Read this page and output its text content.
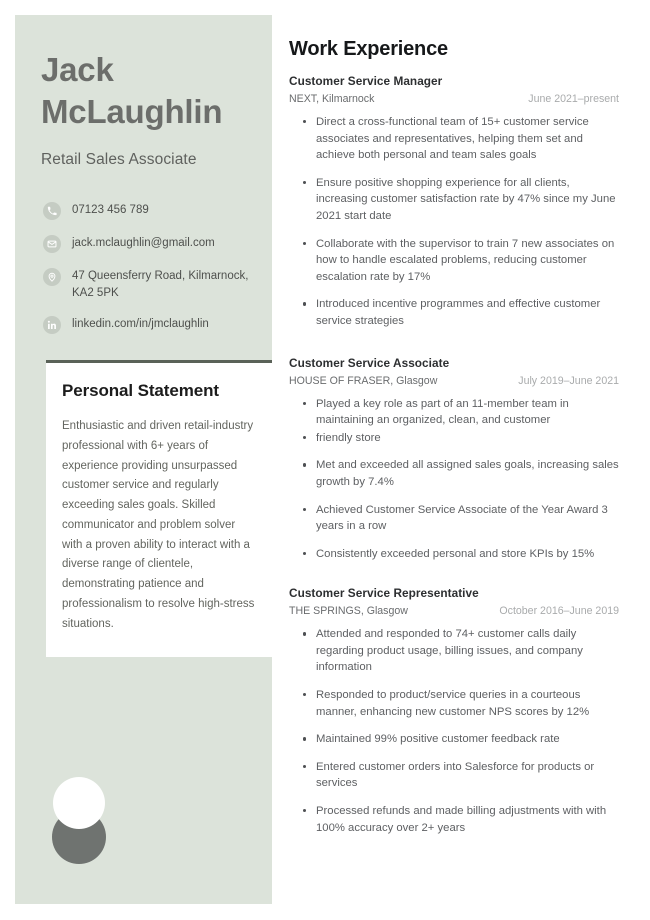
Jack
McLaughlin
Retail Sales Associate
07123 456 789
jack.mclaughlin@gmail.com
47 Queensferry Road, Kilmarnock, KA2 5PK
linkedin.com/in/jmclaughlin
Personal Statement
Enthusiastic and driven retail-industry professional with 6+ years of experience providing unsurpassed customer service and regularly exceeding sales goals. Skilled communicator and problem solver with a proven ability to interact with a diverse range of clientele, demonstrating patience and professionalism to resolve high-stress situations.
Work Experience
Customer Service Manager
NEXT, Kilmarnock	June 2021–present
Direct a cross-functional team of 15+ customer service associates and representatives, helping them set and achieve both personal and team sales goals
Ensure positive shopping experience for all clients, increasing customer satisfaction rate by 47% since my June 2021 start date
Collaborate with the supervisor to train 7 new associates on how to handle escalated problems, reducing customer escalation rate by 17%
Introduced incentive programmes and effective customer service strategies
Customer Service Associate
HOUSE OF FRASER, Glasgow	July 2019–June 2021
Played a key role as part of an 11-member team in maintaining an organized, clean, and customer
friendly store
Met and exceeded all assigned sales goals, increasing sales growth by 7.4%
Achieved Customer Service Associate of the Year Award 3 years in a row
Consistently exceeded personal and store KPIs by 15%
Customer Service Representative
THE SPRINGS, Glasgow	October 2016–June 2019
Attended and responded to 74+ customer calls daily regarding product usage, billing issues, and company information
Responded to product/service queries in a courteous manner, enhancing new customer NPS scores by 12%
Maintained 99% positive customer feedback rate
Entered customer orders into Salesforce for products or services
Processed refunds and made billing adjustments with with 100% accuracy over 2+ years
